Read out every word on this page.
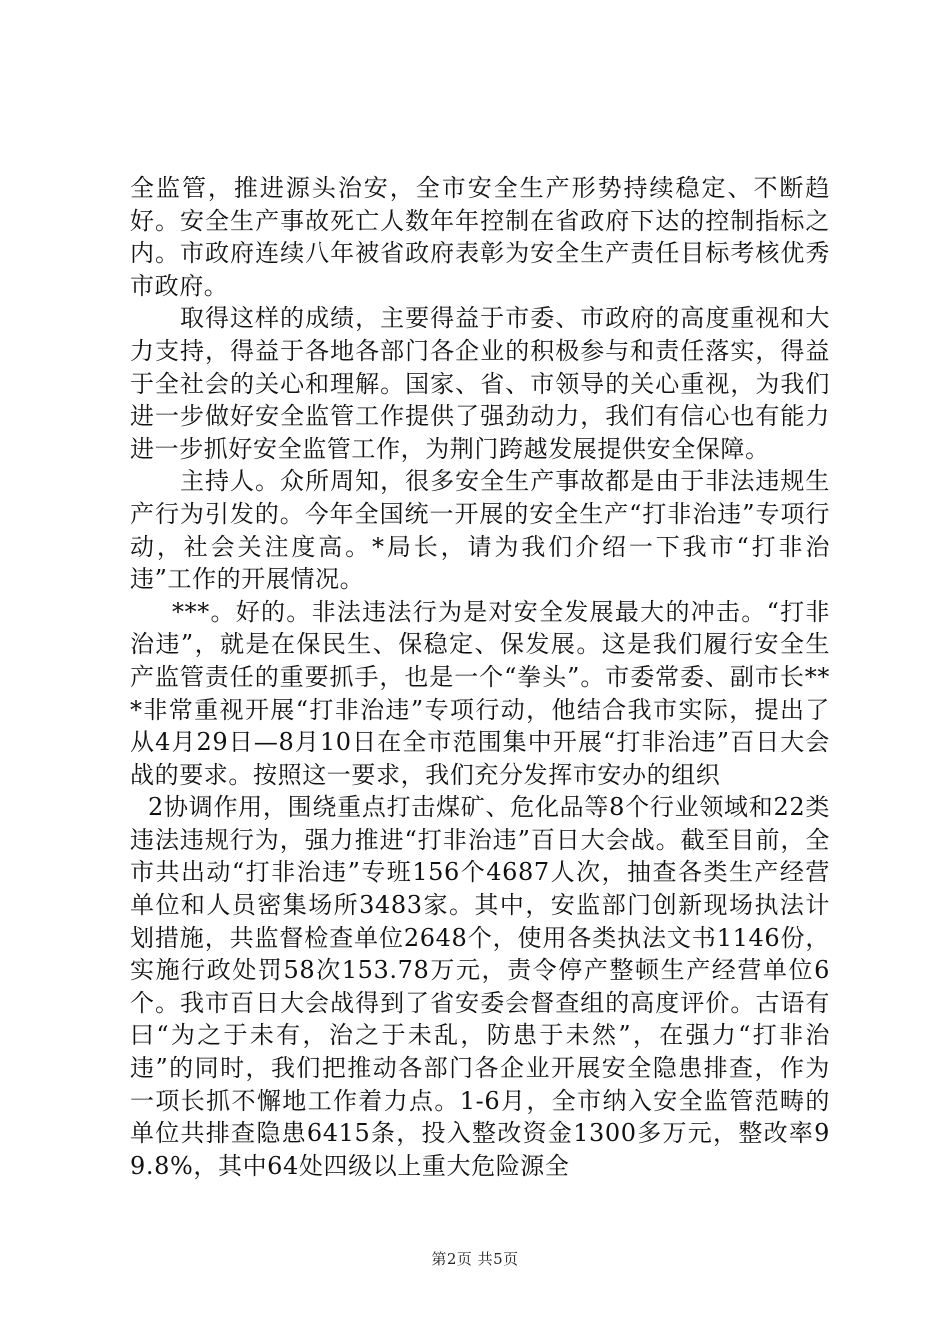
全监管，推进源头治安，全市安全生产形势持续稳定、不断趋好。安全生产事故死亡人数年年控制在省政府下达的控制指标之内。市政府连续八年被省政府表彰为安全生产责任目标考核优秀市政府。

取得这样的成绩，主要得益于市委、市政府的高度重视和大力支持，得益于各地各部门各企业的积极参与和责任落实，得益于全社会的关心和理解。国家、省、市领导的关心重视，为我们进一步做好安全监管工作提供了强劲动力，我们有信心也有能力进一步抓好安全监管工作，为荆门跨越发展提供安全保障。

主持人。众所周知，很多安全生产事故都是由于非法违规生产行为引发的。今年全国统一开展的安全生产“打非治违”专项行动，社会关注度高。*局长，请为我们介绍一下我市“打非治违”工作的开展情况。

***。好的。非法违法行为是对安全发展最大的冲击。“打非治违”，就是在保民生、保稳定、保发展。这是我们履行安全生产监管责任的重要抓手，也是一个“拳头”。市委常委、副市长***非常重视开展“打非治违”专项行动，他结合我市实际，提出了从4月29日—8月10日在全市范围集中开展“打非治违”百日大会战的要求。按照这一要求，我们充分发挥市安办的组织

2协调作用，围绕重点打击煤矿、危化品等8个行业领域和22类违法违规行为，强力推进“打非治违”百日大会战。截至目前，全市共出动“打非治违”专班156个4687人次，抽查各类生产经营单位和人员密集场所3483家。其中，安监部门创新现场执法计划措施，共监督检查单位2648个，使用各类执法文书1146份，实施行政处罚58次153.78万元，责令停产整顿生产经营单位6个。我市百日大会战得到了省安委会督查组的高度评价。古语有曰“为之于未有，治之于未乱，防患于未然”，在强力“打非治违”的同时，我们把推动各部门各企业开展安全隐患排查，作为一项长抓不懈地工作着力点。1-6月，全市纳入安全监管范畴的单位共排查隐患6415条，投入整改资金1300多万元，整改率99.8%，其中64处四级以上重大危险源全

第2页 共5页
